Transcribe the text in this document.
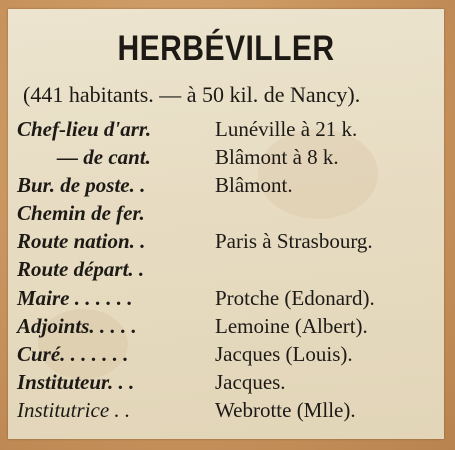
HERBÉVILLER
(441 habitants. — à 50 kil. de Nancy).
Chef-lieu d'arr.	Lunéville à 21 k.
— de cant.	Blâmont à 8 k.
Bur. de poste. .	Blâmont.
Chemin de fer.
Route nation. .	Paris à Strasbourg.
Route départ. .
Maire . . . . . .	Protche (Edonard).
Adjoints. . . . .	Lemoine (Albert).
Curé. . . . . . .	Jacques (Louis).
Instituteur. . .	Jacques.
Institutrice . .	Webrotte (Mlle).
